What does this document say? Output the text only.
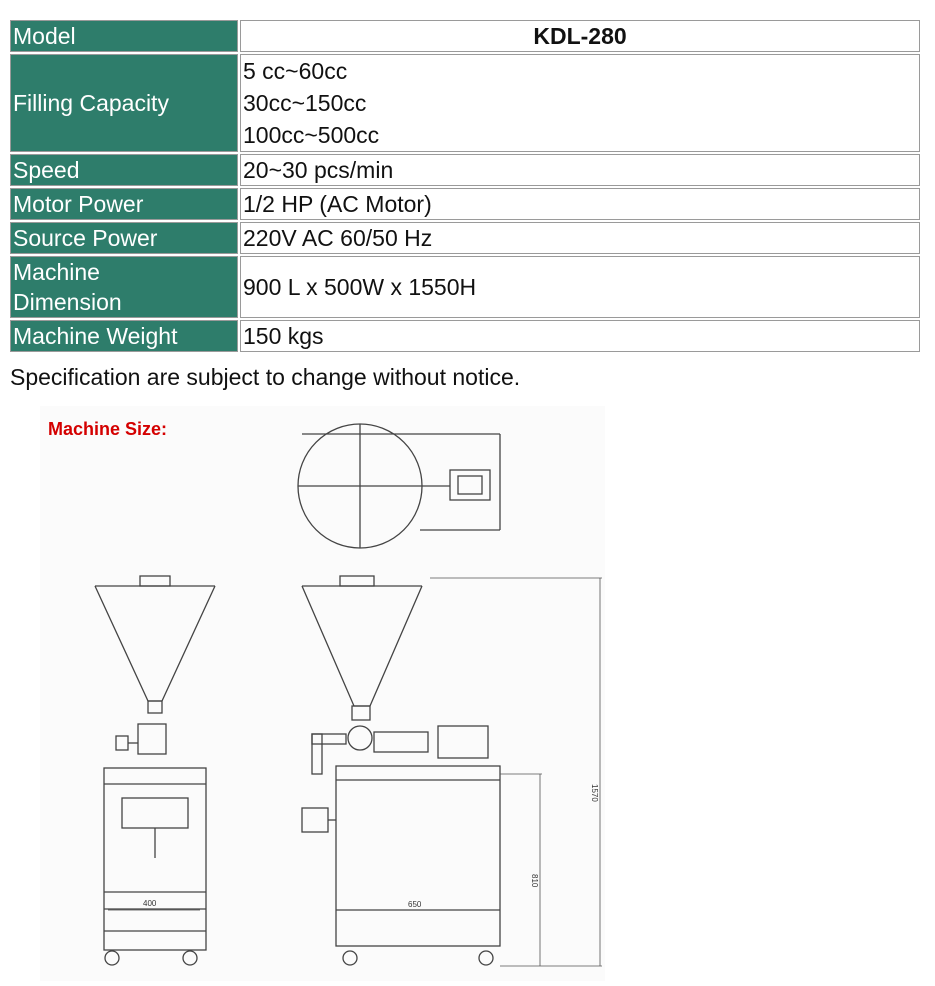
Model	KDL-280
Filling Capacity	5 cc~60cc
30cc~150cc
100cc~500cc

Speed	20~30 pcs/min
Motor Power	1/2 HP (AC Motor)
Source Power	220V AC 60/50 Hz

Machine
Dimension	900 L x 500W x 1550H
Machine Weight	150 kgs
Specification are subject to change without notice.
400	650
1570
810
Machine Size:
